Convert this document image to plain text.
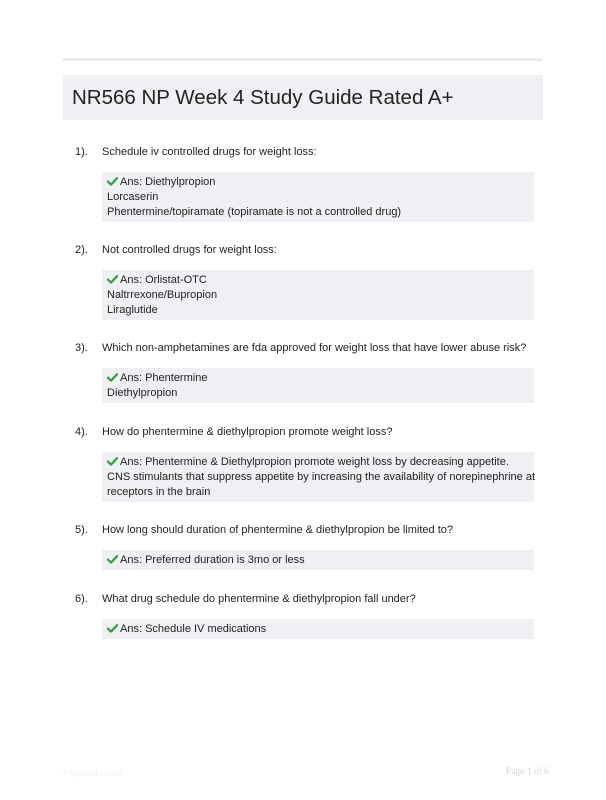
NR566 NP Week 4 Study Guide Rated A+
1). Schedule iv controlled drugs for weight loss:
Ans: Diethylpropion
Lorcaserin
Phentermine/topiramate (topiramate is not a controlled drug)
2). Not controlled drugs for weight loss:
Ans: Orlistat-OTC
Naltrrexone/Bupropion
Liraglutide
3). Which non-amphetamines are fda approved for weight loss that have lower abuse risk?
Ans: Phentermine
Diethylpropion
4). How do phentermine & diethylpropion promote weight loss?
Ans: Phentermine & Diethylpropion promote weight loss by decreasing appetite.
CNS stimulants that suppress appetite by increasing the availability of norepinephrine at
receptors in the brain
5). How long should duration of phentermine & diethylpropion be limited to?
Ans: Preferred duration is 3mo or less
6). What drug schedule do phentermine & diethylpropion fall under?
Ans: Schedule IV medications
PaperNibi.com	Page 1 of 6
